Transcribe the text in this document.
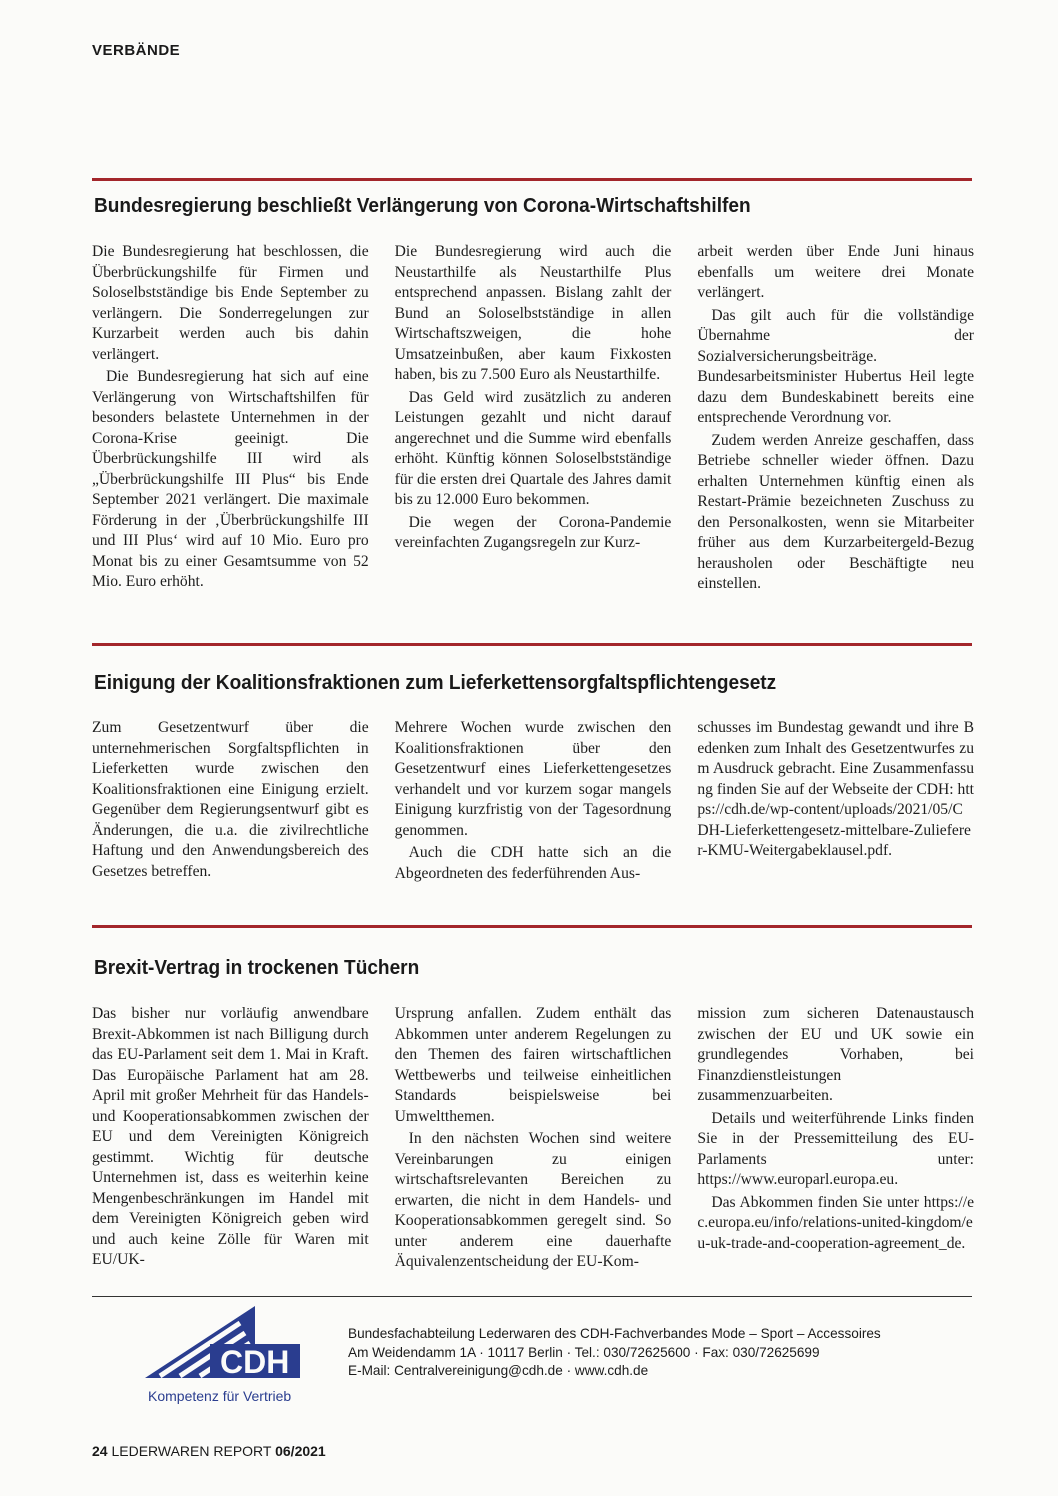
VERBÄNDE
Bundesregierung beschließt Verlängerung von Corona-Wirtschaftshilfen

Die Bundesregierung hat beschlossen, die Überbrückungshilfe für Firmen und Soloselbstständige bis Ende September zu verlängern. Die Sonderregelungen zur Kurzarbeit werden auch bis dahin verlängert.

Die Bundesregierung hat sich auf eine Verlängerung von Wirtschaftshilfen für besonders belastete Unternehmen in der Corona-Krise geeinigt. Die Überbrückungshilfe III wird als „Überbrückungshilfe III Plus“ bis Ende September 2021 verlängert. Die maximale Förderung in der ‚Überbrückungshilfe III und III Plus‘ wird auf 10 Mio. Euro pro Monat bis zu einer Gesamtsumme von 52 Mio. Euro erhöht.

Die Bundesregierung wird auch die Neustarthilfe als Neustarthilfe Plus entsprechend anpassen. Bislang zahlt der Bund an Soloselbstständige in allen Wirtschaftszweigen, die hohe Umsatzeinbußen, aber kaum Fixkosten haben, bis zu 7.500 Euro als Neustarthilfe.

Das Geld wird zusätzlich zu anderen Leistungen gezahlt und nicht darauf angerechnet und die Summe wird ebenfalls erhöht. Künftig können Soloselbstständige für die ersten drei Quartale des Jahres damit bis zu 12.000 Euro bekommen.

Die wegen der Corona-Pandemie vereinfachten Zugangsregeln zur Kurz-

arbeit werden über Ende Juni hinaus ebenfalls um weitere drei Monate verlängert.

Das gilt auch für die vollständige Übernahme der Sozialversicherungsbeiträge. Bundesarbeitsminister Hubertus Heil legte dazu dem Bundeskabinett bereits eine entsprechende Verordnung vor.

Zudem werden Anreize geschaffen, dass Betriebe schneller wieder öffnen. Dazu erhalten Unternehmen künftig einen als Restart-Prämie bezeichneten Zuschuss zu den Personalkosten, wenn sie Mitarbeiter früher aus dem Kurzarbeitergeld-Bezug herausholen oder Beschäftigte neu einstellen.

Einigung der Koalitionsfraktionen zum Lieferkettensorgfaltspflichtengesetz

Zum Gesetzentwurf über die unternehmerischen Sorgfaltspflichten in Lieferketten wurde zwischen den Koalitionsfraktionen eine Einigung erzielt. Gegenüber dem Regierungsentwurf gibt es Änderungen, die u.a. die zivilrechtliche Haftung und den Anwendungsbereich des Gesetzes betreffen.

Mehrere Wochen wurde zwischen den Koalitionsfraktionen über den Gesetzentwurf eines Lieferkettengesetzes verhandelt und vor kurzem sogar mangels Einigung kurzfristig von der Tagesordnung genommen.

Auch die CDH hatte sich an die Abgeordneten des federführenden Aus-

schusses im Bundestag gewandt und ihre Bedenken zum Inhalt des Gesetzentwurfes zum Ausdruck gebracht. Eine Zusammenfassung finden Sie auf der Webseite der CDH: https://cdh.de/wp-content/uploads/2021/05/CDH-Lieferkettengesetz-mittelbare-Zulieferer-KMU-Weitergabeklausel.pdf.

Brexit-Vertrag in trockenen Tüchern

Das bisher nur vorläufig anwendbare Brexit-Abkommen ist nach Billigung durch das EU-Parlament seit dem 1. Mai in Kraft. Das Europäische Parlament hat am 28. April mit großer Mehrheit für das Handels- und Kooperationsabkommen zwischen der EU und dem Vereinigten Königreich gestimmt. Wichtig für deutsche Unternehmen ist, dass es weiterhin keine Mengenbeschränkungen im Handel mit dem Vereinigten Königreich geben wird und auch keine Zölle für Waren mit EU/UK-

Ursprung anfallen. Zudem enthält das Abkommen unter anderem Regelungen zu den Themen des fairen wirtschaftlichen Wettbewerbs und teilweise einheitlichen Standards beispielsweise bei Umweltthemen.

In den nächsten Wochen sind weitere Vereinbarungen zu einigen wirtschaftsrelevanten Bereichen zu erwarten, die nicht in dem Handels- und Kooperationsabkommen geregelt sind. So unter anderem eine dauerhafte Äquivalenzentscheidung der EU-Kom-

mission zum sicheren Datenaustausch zwischen der EU und UK sowie ein grundlegendes Vorhaben, bei Finanzdienstleistungen zusammenzuarbeiten.

Details und weiterführende Links finden Sie in der Pressemitteilung des EU-Parlaments unter: https://www.europarl.europa.eu.

Das Abkommen finden Sie unter https://ec.europa.eu/info/relations-united-kingdom/eu-uk-trade-and-cooperation-agreement_de.

CDH
Kompetenz für Vertrieb
Bundesfachabteilung Lederwaren des CDH-Fachverbandes Mode – Sport – Accessoires
Am Weidendamm 1A · 10117 Berlin · Tel.: 030/72625600 · Fax: 030/72625699
E-Mail: Centralvereinigung@cdh.de · www.cdh.de
24 LEDERWAREN REPORT 06/2021
